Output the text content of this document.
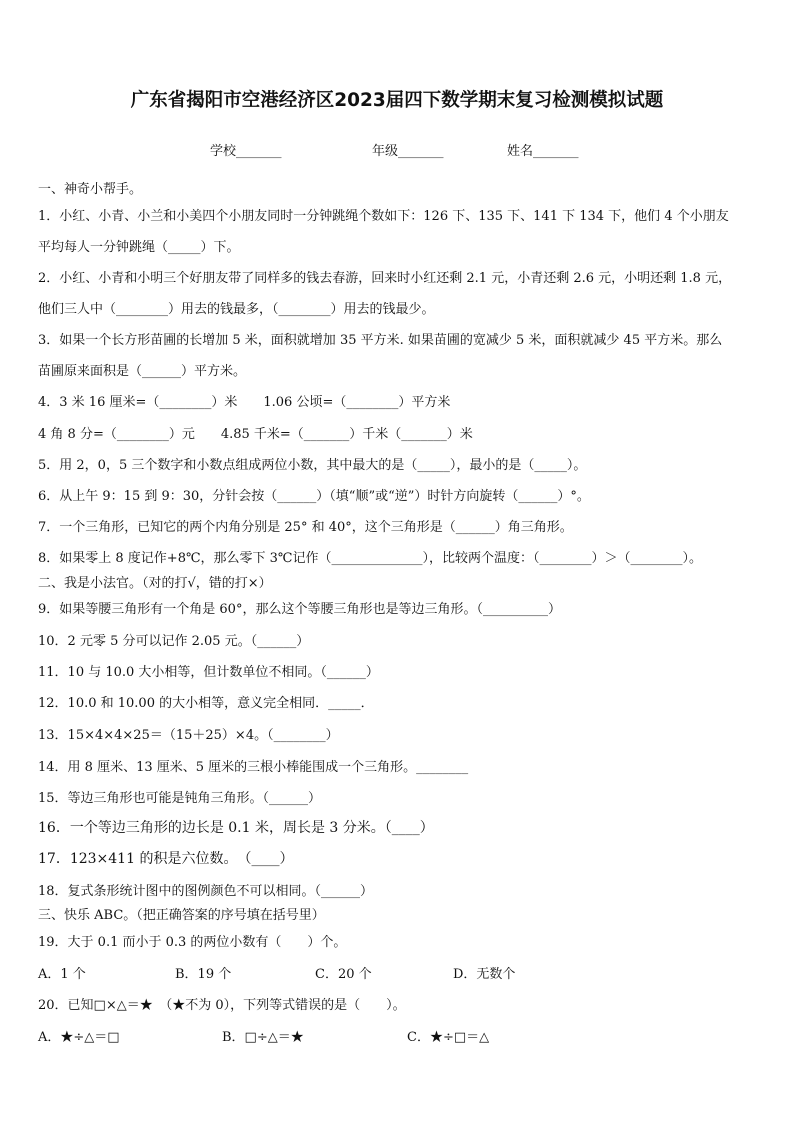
广东省揭阳市空港经济区2023届四下数学期末复习检测模拟试题
学校_______	年级_______	姓名_______
一、神奇小帮手。
1．小红、小青、小兰和小美四个小朋友同时一分钟跳绳个数如下：126 下、135 下、141 下 134 下，他们 4 个小朋友
平均每人一分钟跳绳（_____）下。
2．小红、小青和小明三个好朋友带了同样多的钱去春游，回来时小红还剩 2.1 元，小青还剩 2.6 元，小明还剩 1.8 元，
他们三人中（________）用去的钱最多，（________）用去的钱最少。
3．如果一个长方形苗圃的长增加 5 米，面积就增加 35 平方米. 如果苗圃的宽减少 5 米，面积就减少 45 平方米。那么
苗圃原来面积是（______）平方米。
4．3 米 16 厘米=（________）米　　1.06 公顷=（________）平方米
4 角 8 分=（________）元　　4.85 千米=（_______）千米（_______）米
5．用 2，0，5 三个数字和小数点组成两位小数，其中最大的是（_____），最小的是（_____）。
6．从上午 9：15 到 9：30，分针会按（______）（填“顺”或“逆”）时针方向旋转（______）°。
7．一个三角形，已知它的两个内角分别是 25° 和 40°，这个三角形是（______）角三角形。
8．如果零上 8 度记作+8℃，那么零下 3℃记作（______________），比较两个温度：（________）＞（________）。
二、我是小法官。（对的打√，错的打×）
9．如果等腰三角形有一个角是 60°，那么这个等腰三角形也是等边三角形。（__________）
10．2 元零 5 分可以记作 2.05 元。（______）
11．10 与 10.0 大小相等，但计数单位不相同。（______）
12．10.0 和 10.00 的大小相等，意义完全相同．_____．
13．15×4×4×25＝（15＋25）×4。（________）
14．用 8 厘米、13 厘米、5 厘米的三根小棒能围成一个三角形。________
15．等边三角形也可能是钝角三角形。（______）
16．一个等边三角形的边长是 0.1 米，周长是 3 分米。（____）
17．123×411 的积是六位数。　（____）
18．复式条形统计图中的图例颜色不可以相同。（______）
三、快乐 ABC。（把正确答案的序号填在括号里）
19．大于 0.1 而小于 0.3 的两位小数有（　　）个。
A．1 个	B．19 个	C．20 个	D．无数个
20．已知□×△＝★　（★不为 0），下列等式错误的是（　　）。
A．★÷△＝□	B．□÷△＝★	C．★÷□＝△
